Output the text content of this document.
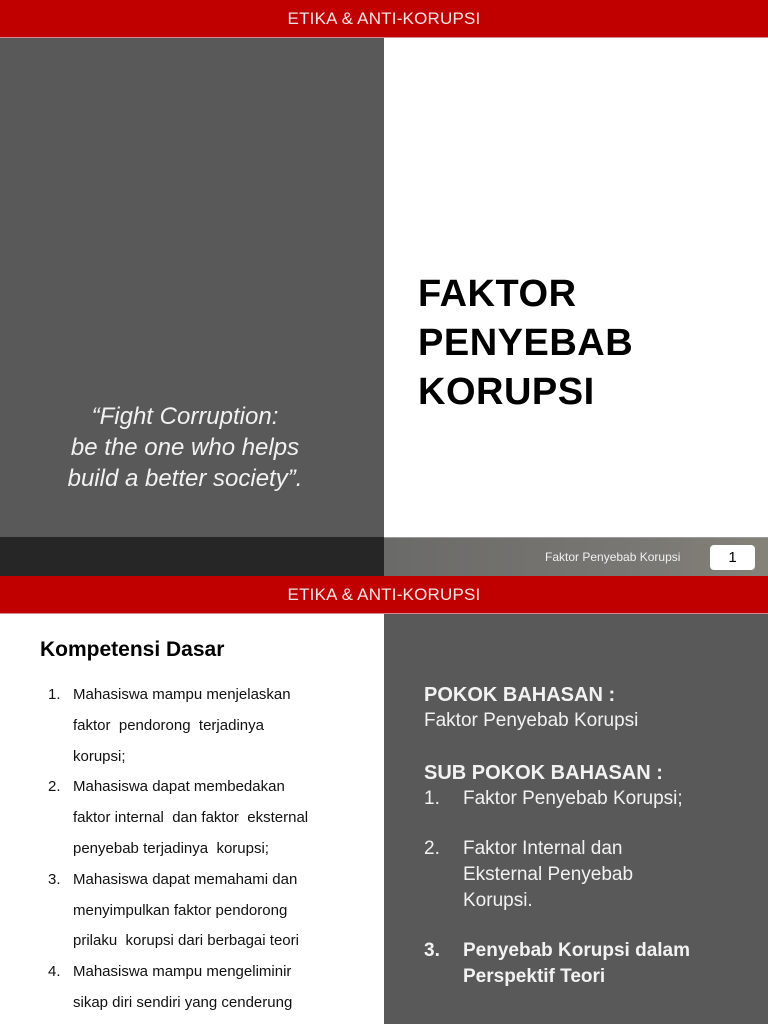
ETIKA & ANTI-KORUPSI
“Fight Corruption:
be the one who helps
build a better society”.
FAKTOR
PENYEBAB
KORUPSI
Faktor Penyebab Korupsi	1
ETIKA & ANTI-KORUPSI
Kompetensi Dasar
1. Mahasiswa mampu menjelaskan
faktor  pendorong  terjadinya
korupsi;
2. Mahasiswa dapat membedakan
faktor internal  dan faktor  eksternal
penyebab terjadinya  korupsi;
3. Mahasiswa dapat memahami dan
menyimpulkan faktor pendorong
prilaku  korupsi dari berbagai teori
4. Mahasiswa mampu mengeliminir
sikap diri sendiri yang cenderung
POKOK BAHASAN :
Faktor Penyebab Korupsi
SUB POKOK BAHASAN :
1.	Faktor Penyebab Korupsi;
2.	Faktor Internal dan
Eksternal Penyebab
Korupsi.
3.	Penyebab Korupsi dalam
Perspektif Teori
